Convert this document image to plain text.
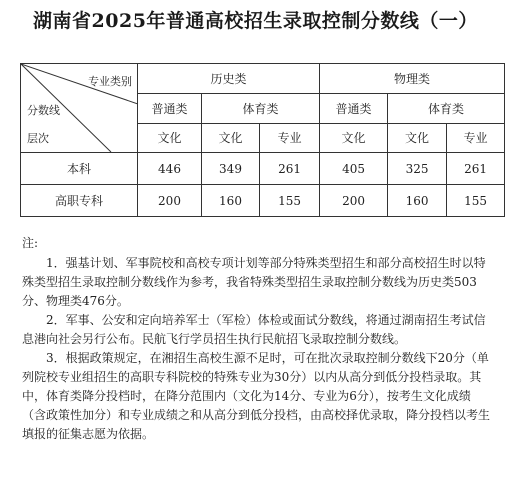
湖南省2025年普通高校招生录取控制分数线（一）
专业类别
分数线
层次	历史类			物理类		
	普通类	体育类		普通类	体育类	
	文化	文化	专业	文化	文化	专业
本科	446	349	261	405	325	261
高职专科	200	160	155	200	160	155

注:

1．强基计划、军事院校和高校专项计划等部分特殊类型招生和部分高校招生时以特殊类型招生录取控制分数线作为参考，我省特殊类型招生录取控制分数线为历史类503分、物理类476分。

2．军事、公安和定向培养军士（军检）体检或面试分数线，将通过湖南招生考试信息港向社会另行公布。民航飞行学员招生执行民航招飞录取控制分数线。

3．根据政策规定，在湘招生高校生源不足时，可在批次录取控制分数线下20分（单列院校专业组招生的高职专科院校的特殊专业为30分）以内从高分到低分投档录取。其中，体育类降分投档时，在降分范围内（文化为14分、专业为6分），按考生文化成绩（含政策性加分）和专业成绩之和从高分到低分投档，由高校择优录取，降分投档以考生填报的征集志愿为依据。
